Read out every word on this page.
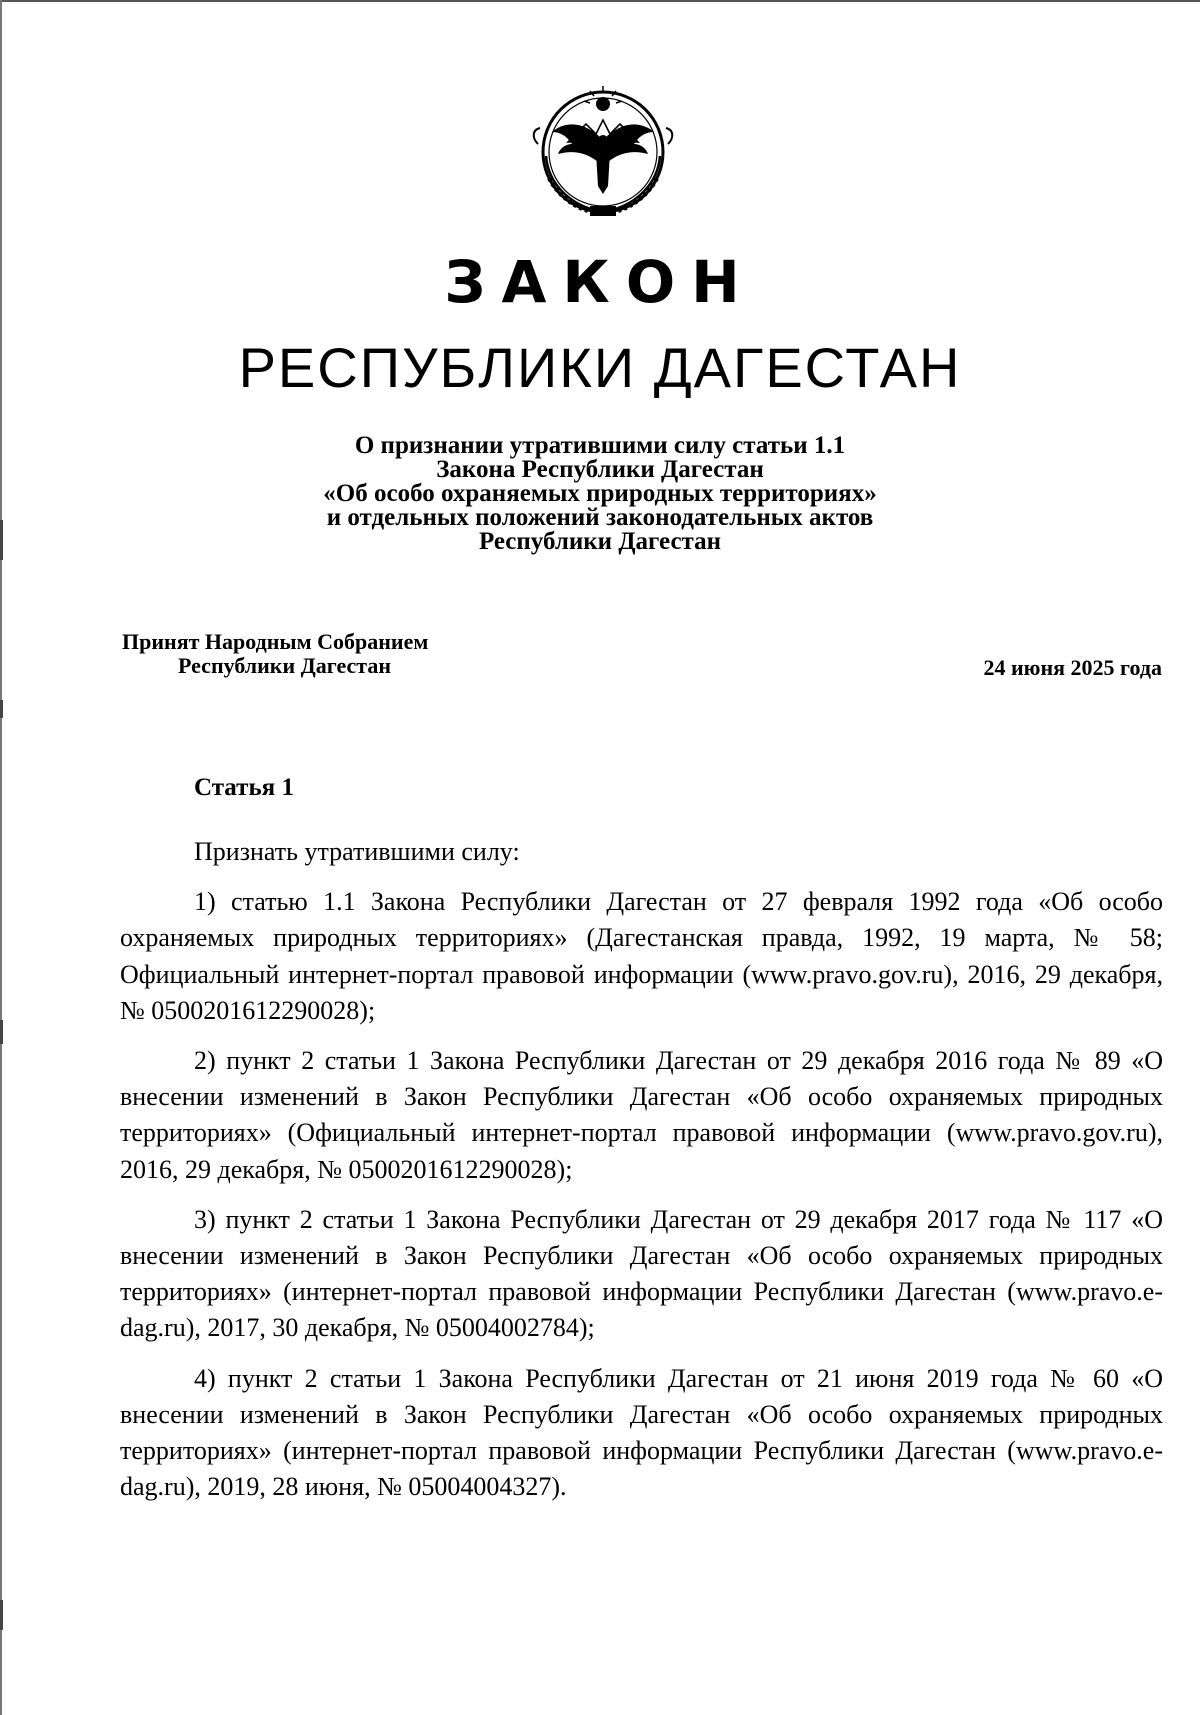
ЗАКОН
РЕСПУБЛИКИ ДАГЕСТАН
О признании утратившими силу статьи 1.1
Закона Республики Дагестан
«Об особо охраняемых природных территориях»
и отдельных положений законодательных актов
Республики Дагестан
Принят Народным Собранием
Республики Дагестан	24 июня 2025 года
Статья 1

Признать утратившими силу:

1) статью 1.1 Закона Республики Дагестан от 27 февраля 1992 года «Об особо охраняемых природных территориях» (Дагестанская правда, 1992, 19 марта, № 58; Официальный интернет-портал правовой информации (www.pravo.gov.ru), 2016, 29 декабря, № 0500201612290028);

2) пункт 2 статьи 1 Закона Республики Дагестан от 29 декабря 2016 года № 89 «О внесении изменений в Закон Республики Дагестан «Об особо охраняемых природных территориях» (Официальный интернет-портал правовой информации (www.pravo.gov.ru), 2016, 29 декабря, № 0500201612290028);

3) пункт 2 статьи 1 Закона Республики Дагестан от 29 декабря 2017 года № 117 «О внесении изменений в Закон Республики Дагестан «Об особо охраняемых природных территориях» (интернет-портал правовой информации Республики Дагестан (www.pravo.e-dag.ru), 2017, 30 декабря, № 05004002784);

4) пункт 2 статьи 1 Закона Республики Дагестан от 21 июня 2019 года № 60 «О внесении изменений в Закон Республики Дагестан «Об особо охраняемых природных территориях» (интернет-портал правовой информации Республики Дагестан (www.pravo.e-dag.ru), 2019, 28 июня, № 05004004327).
